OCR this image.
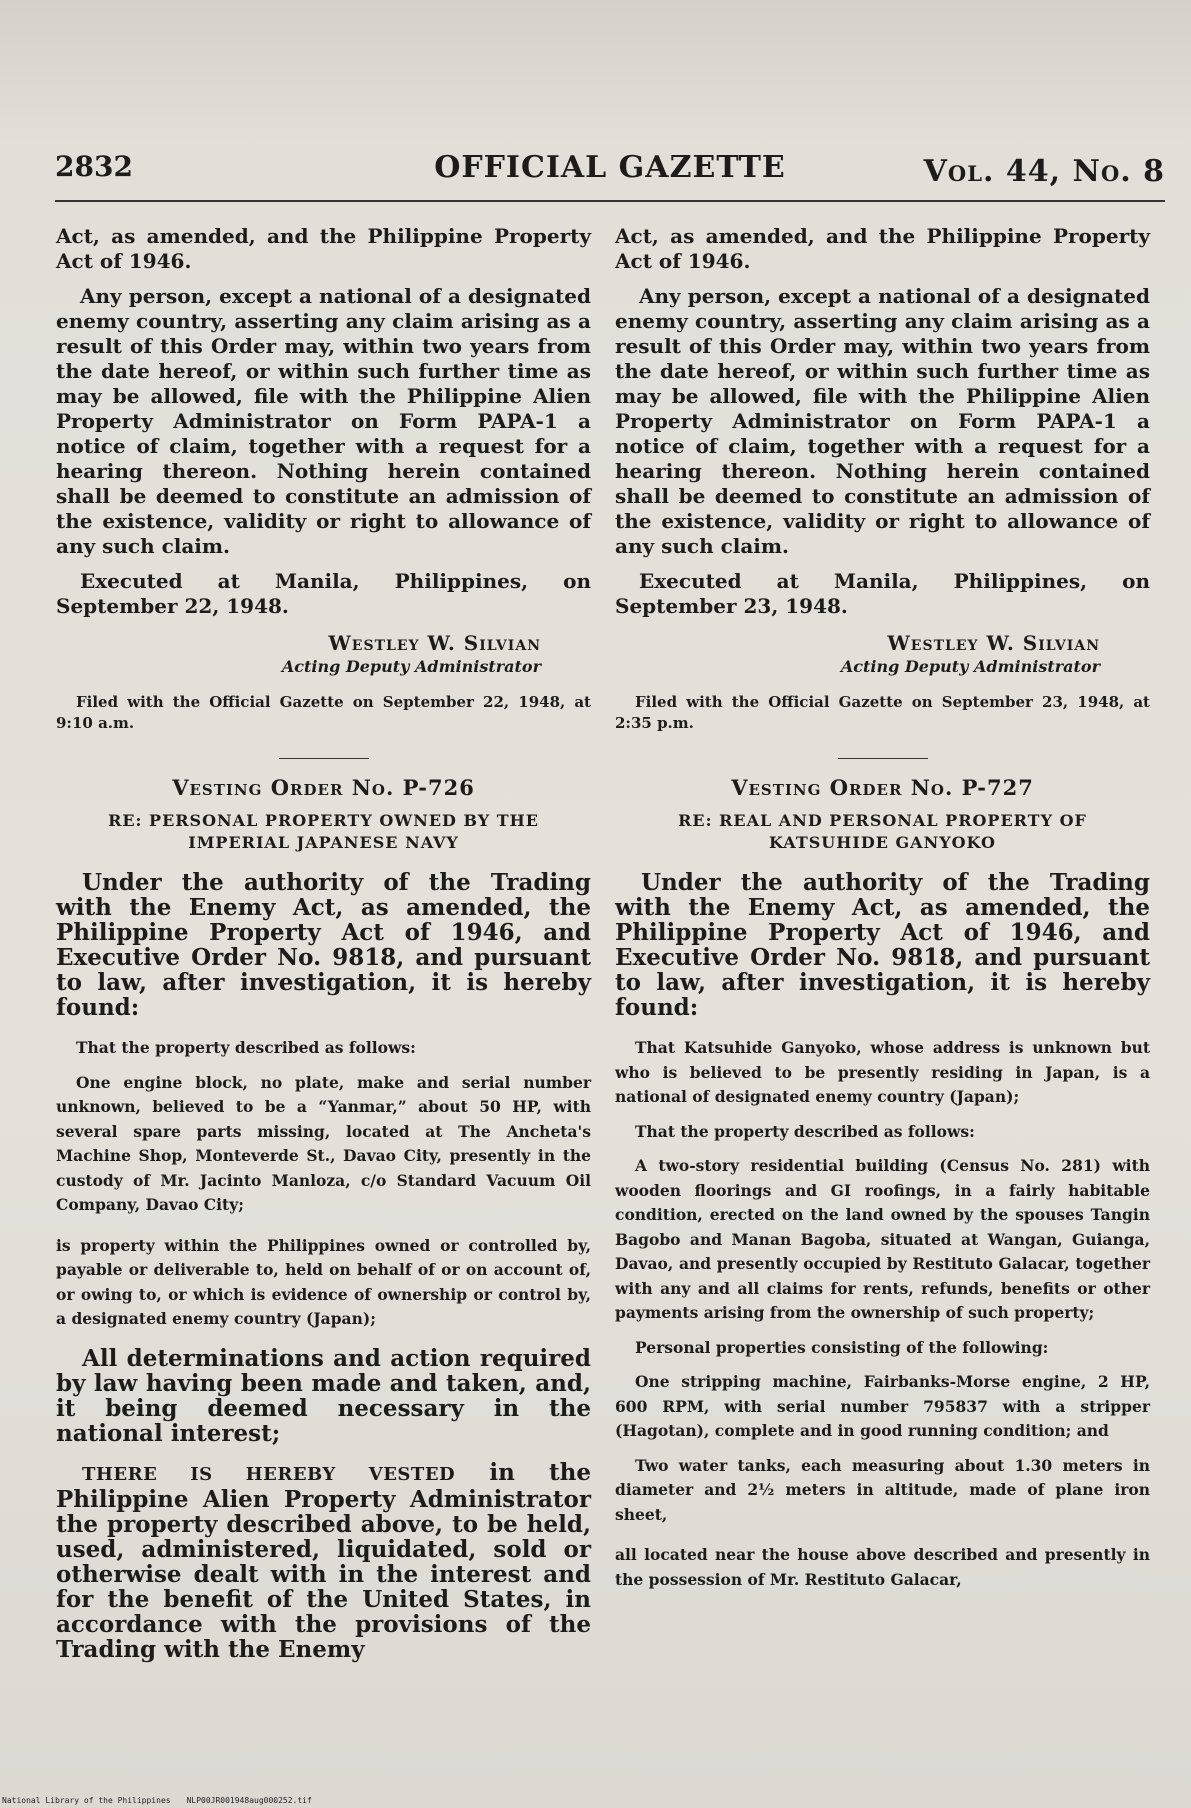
2832	OFFICIAL GAZETTE	Vol. 44, No. 8

Act, as amended, and the Philippine Property Act of 1946.

Any person, except a national of a designated enemy country, asserting any claim arising as a result of this Order may, within two years from the date hereof, or within such further time as may be allowed, file with the Philippine Alien Property Administrator on Form PAPA-1 a notice of claim, together with a request for a hearing thereon. Nothing herein contained shall be deemed to constitute an admission of the existence, validity or right to allowance of any such claim.

Executed at Manila, Philippines, on September 22, 1948.

Westley W. Silvian
Acting Deputy Administrator

Filed with the Official Gazette on September 22, 1948, at 9:10 a.m.

Vesting Order No. P-726
RE: PERSONAL PROPERTY OWNED BY THE IMPERIAL JAPANESE NAVY

Under the authority of the Trading with the Enemy Act, as amended, the Philippine Property Act of 1946, and Executive Order No. 9818, and pursuant to law, after investigation, it is hereby found:

That the property described as follows:

One engine block, no plate, make and serial number unknown, believed to be a “Yanmar,” about 50 HP, with several spare parts missing, located at The Ancheta's Machine Shop, Monteverde St., Davao City, presently in the custody of Mr. Jacinto Manloza, c/o Standard Vacuum Oil Company, Davao City;

is property within the Philippines owned or controlled by, payable or deliverable to, held on behalf of or on account of, or owing to, or which is evidence of ownership or control by, a designated enemy country (Japan);

All determinations and action required by law having been made and taken, and, it being deemed necessary in the national interest;

THERE IS HEREBY VESTED in the Philippine Alien Property Administrator the property described above, to be held, used, administered, liquidated, sold or otherwise dealt with in the interest and for the benefit of the United States, in accordance with the provisions of the Trading with the Enemy

Act, as amended, and the Philippine Property Act of 1946.

Any person, except a national of a designated enemy country, asserting any claim arising as a result of this Order may, within two years from the date hereof, or within such further time as may be allowed, file with the Philippine Alien Property Administrator on Form PAPA-1 a notice of claim, together with a request for a hearing thereon. Nothing herein contained shall be deemed to constitute an admission of the existence, validity or right to allowance of any such claim.

Executed at Manila, Philippines, on September 23, 1948.

Westley W. Silvian
Acting Deputy Administrator

Filed with the Official Gazette on September 23, 1948, at 2:35 p.m.

Vesting Order No. P-727
RE: REAL AND PERSONAL PROPERTY OF KATSUHIDE GANYOKO

Under the authority of the Trading with the Enemy Act, as amended, the Philippine Property Act of 1946, and Executive Order No. 9818, and pursuant to law, after investigation, it is hereby found:

That Katsuhide Ganyoko, whose address is unknown but who is believed to be presently residing in Japan, is a national of designated enemy country (Japan);

That the property described as follows:

A two-story residential building (Census No. 281) with wooden floorings and GI roofings, in a fairly habitable condition, erected on the land owned by the spouses Tangin Bagobo and Manan Bagoba, situated at Wangan, Guianga, Davao, and presently occupied by Restituto Galacar, together with any and all claims for rents, refunds, benefits or other payments arising from the ownership of such property;

Personal properties consisting of the following:

One stripping machine, Fairbanks-Morse engine, 2 HP, 600 RPM, with serial number 795837 with a stripper (Hagotan), complete and in good running condition; and

Two water tanks, each measuring about 1.30 meters in diameter and 2½ meters in altitude, made of plane iron sheet,

all located near the house above described and presently in the possession of Mr. Restituto Galacar,

National Library of the Philippines NLP00JR001948aug000252.tif
